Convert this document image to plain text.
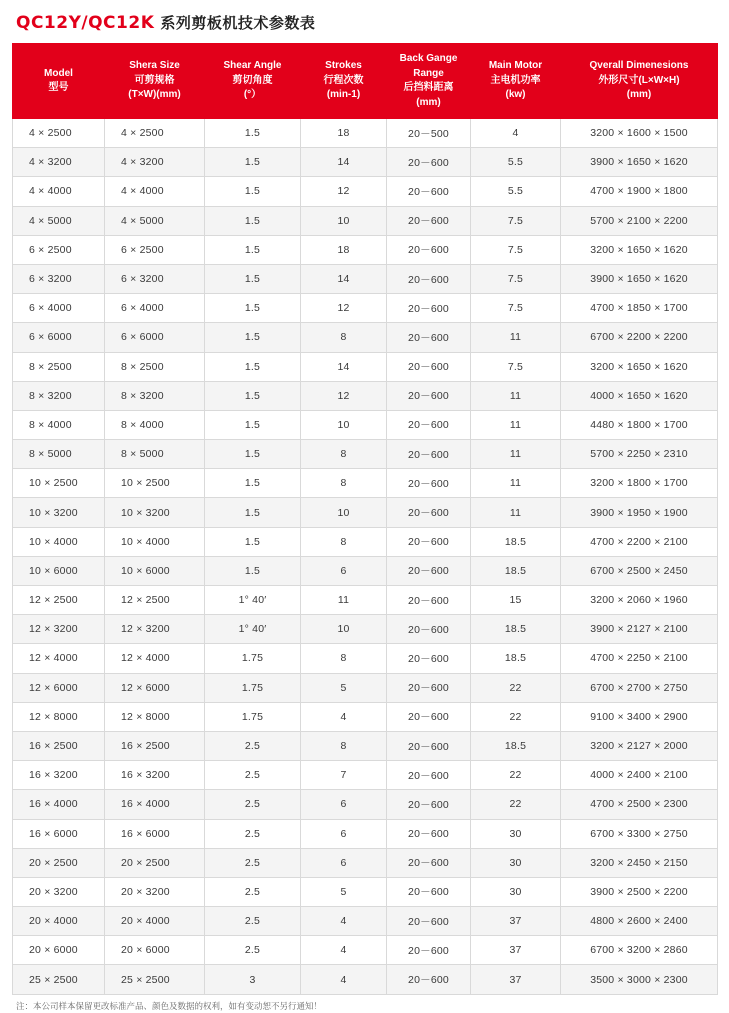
QC12Y/QC12K 系列剪板机技术参数表
Model
型号	Shera Size
可剪规格
(T×W)(mm)	Shear Angle
剪切角度
(°）	Strokes
行程次数
(min-1)	Back Gange
Range
后挡料距离
(mm)	Main Motor
主电机功率
(kw)	Qverall Dimenesions
外形尺寸(L×W×H)
(mm)

4 × 2500	4 × 2500	1.5	18	20－500	4	3200 × 1600 × 1500
4 × 3200	4 × 3200	1.5	14	20－600	5.5	3900 × 1650 × 1620
4 × 4000	4 × 4000	1.5	12	20－600	5.5	4700 × 1900 × 1800
4 × 5000	4 × 5000	1.5	10	20－600	7.5	5700 × 2100 × 2200
6 × 2500	6 × 2500	1.5	18	20－600	7.5	3200 × 1650 × 1620
6 × 3200	6 × 3200	1.5	14	20－600	7.5	3900 × 1650 × 1620
6 × 4000	6 × 4000	1.5	12	20－600	7.5	4700 × 1850 × 1700
6 × 6000	6 × 6000	1.5	8	20－600	11	6700 × 2200 × 2200
8 × 2500	8 × 2500	1.5	14	20－600	7.5	3200 × 1650 × 1620
8 × 3200	8 × 3200	1.5	12	20－600	11	4000 × 1650 × 1620
8 × 4000	8 × 4000	1.5	10	20－600	11	4480 × 1800 × 1700
8 × 5000	8 × 5000	1.5	8	20－600	11	5700 × 2250 × 2310
10 × 2500	10 × 2500	1.5	8	20－600	11	3200 × 1800 × 1700
10 × 3200	10 × 3200	1.5	10	20－600	11	3900 × 1950 × 1900
10 × 4000	10 × 4000	1.5	8	20－600	18.5	4700 × 2200 × 2100
10 × 6000	10 × 6000	1.5	6	20－600	18.5	6700 × 2500 × 2450
12 × 2500	12 × 2500	1° 40′	11	20－600	15	3200 × 2060 × 1960
12 × 3200	12 × 3200	1° 40′	10	20－600	18.5	3900 × 2127 × 2100
12 × 4000	12 × 4000	1.75	8	20－600	18.5	4700 × 2250 × 2100
12 × 6000	12 × 6000	1.75	5	20－600	22	6700 × 2700 × 2750
12 × 8000	12 × 8000	1.75	4	20－600	22	9100 × 3400 × 2900
16 × 2500	16 × 2500	2.5	8	20－600	18.5	3200 × 2127 × 2000
16 × 3200	16 × 3200	2.5	7	20－600	22	4000 × 2400 × 2100
16 × 4000	16 × 4000	2.5	6	20－600	22	4700 × 2500 × 2300
16 × 6000	16 × 6000	2.5	6	20－600	30	6700 × 3300 × 2750
20 × 2500	20 × 2500	2.5	6	20－600	30	3200 × 2450 × 2150
20 × 3200	20 × 3200	2.5	5	20－600	30	3900 × 2500 × 2200
20 × 4000	20 × 4000	2.5	4	20－600	37	4800 × 2600 × 2400
20 × 6000	20 × 6000	2.5	4	20－600	37	6700 × 3200 × 2860
25 × 2500	25 × 2500	3	4	20－600	37	3500 × 3000 × 2300
注：本公司样本保留更改标准产品、颜色及数据的权利，如有变动恕不另行通知！
